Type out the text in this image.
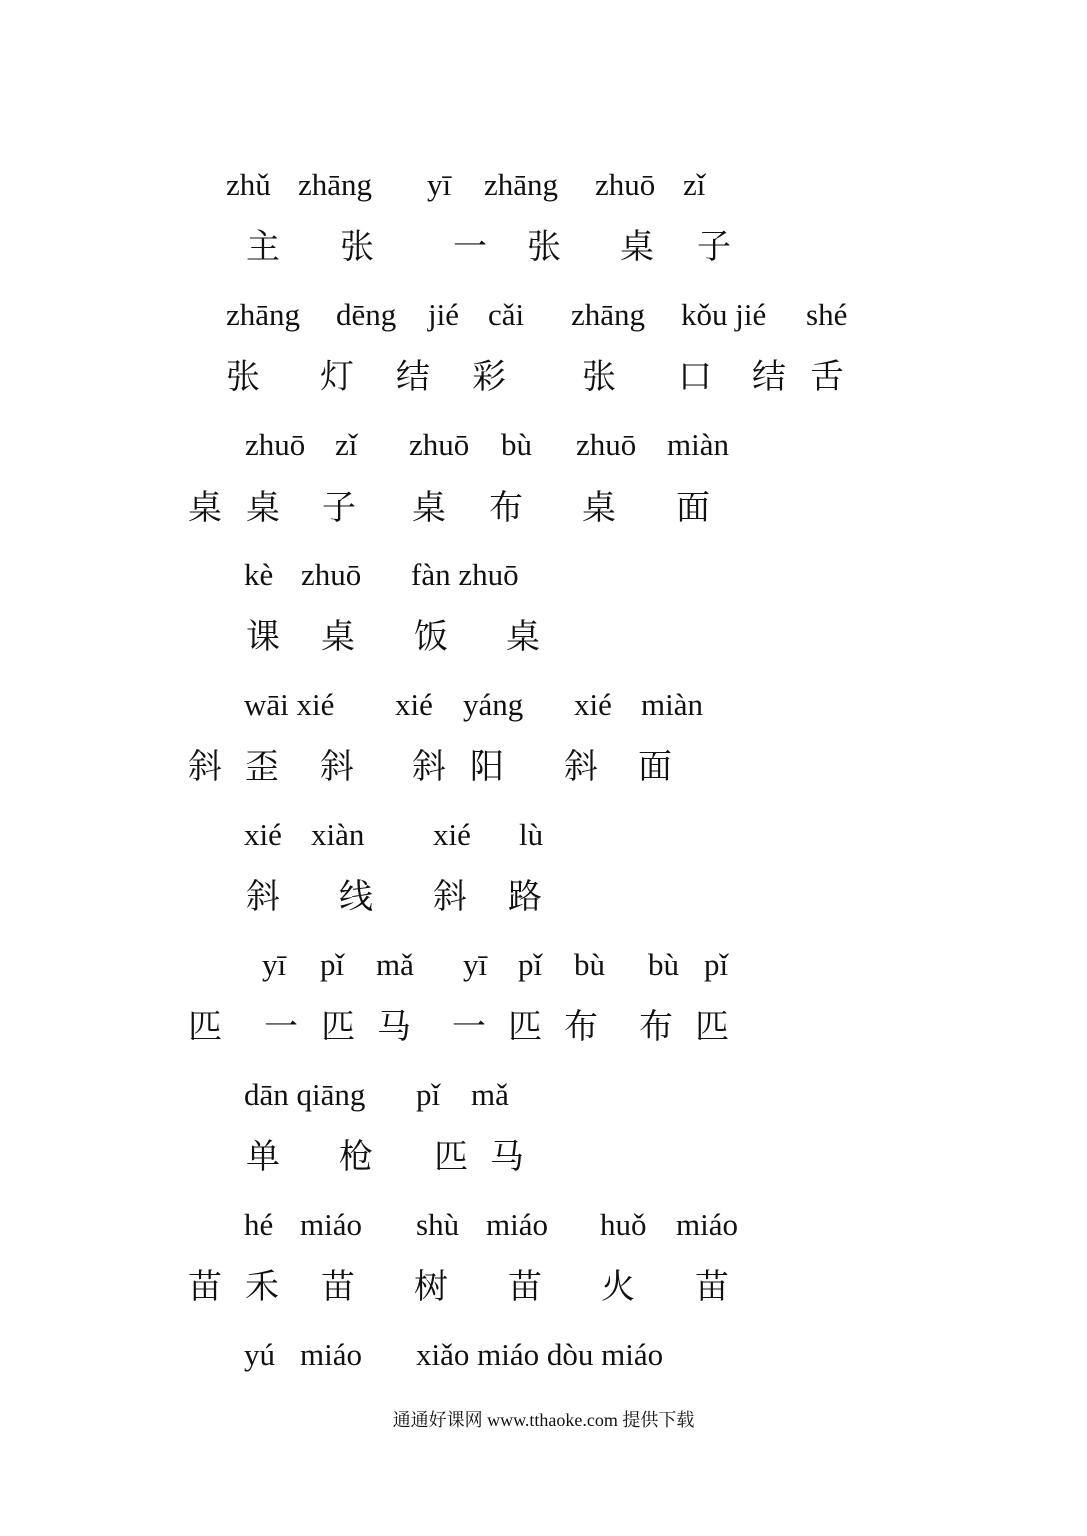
zhǔ zhāng yī zhāng zhuō zǐ
主 张 一 张 桌 子
zhāng dēng jié cǎi zhāng kǒu jié shé
张 灯 结 彩 张 口 结 舌
zhuō zǐ zhuō bù zhuō miàn
桌 桌 子 桌 布 桌 面
kè zhuō fàn zhuō
课 桌 饭 桌
wāi xié xié yáng xié miàn
斜 歪 斜 斜 阳 斜 面
xié xiàn xié lù
斜 线 斜 路
yī pǐ mǎ yī pǐ bù bù pǐ
匹 一 匹 马 一 匹 布 布 匹
dān qiāng pǐ mǎ
单 枪 匹 马
hé miáo shù miáo huǒ miáo
苗 禾 苗 树 苗 火 苗
yú miáo xiǎo miáo dòu miáo
通通好课网 www.tthaoke.com 提供下载
